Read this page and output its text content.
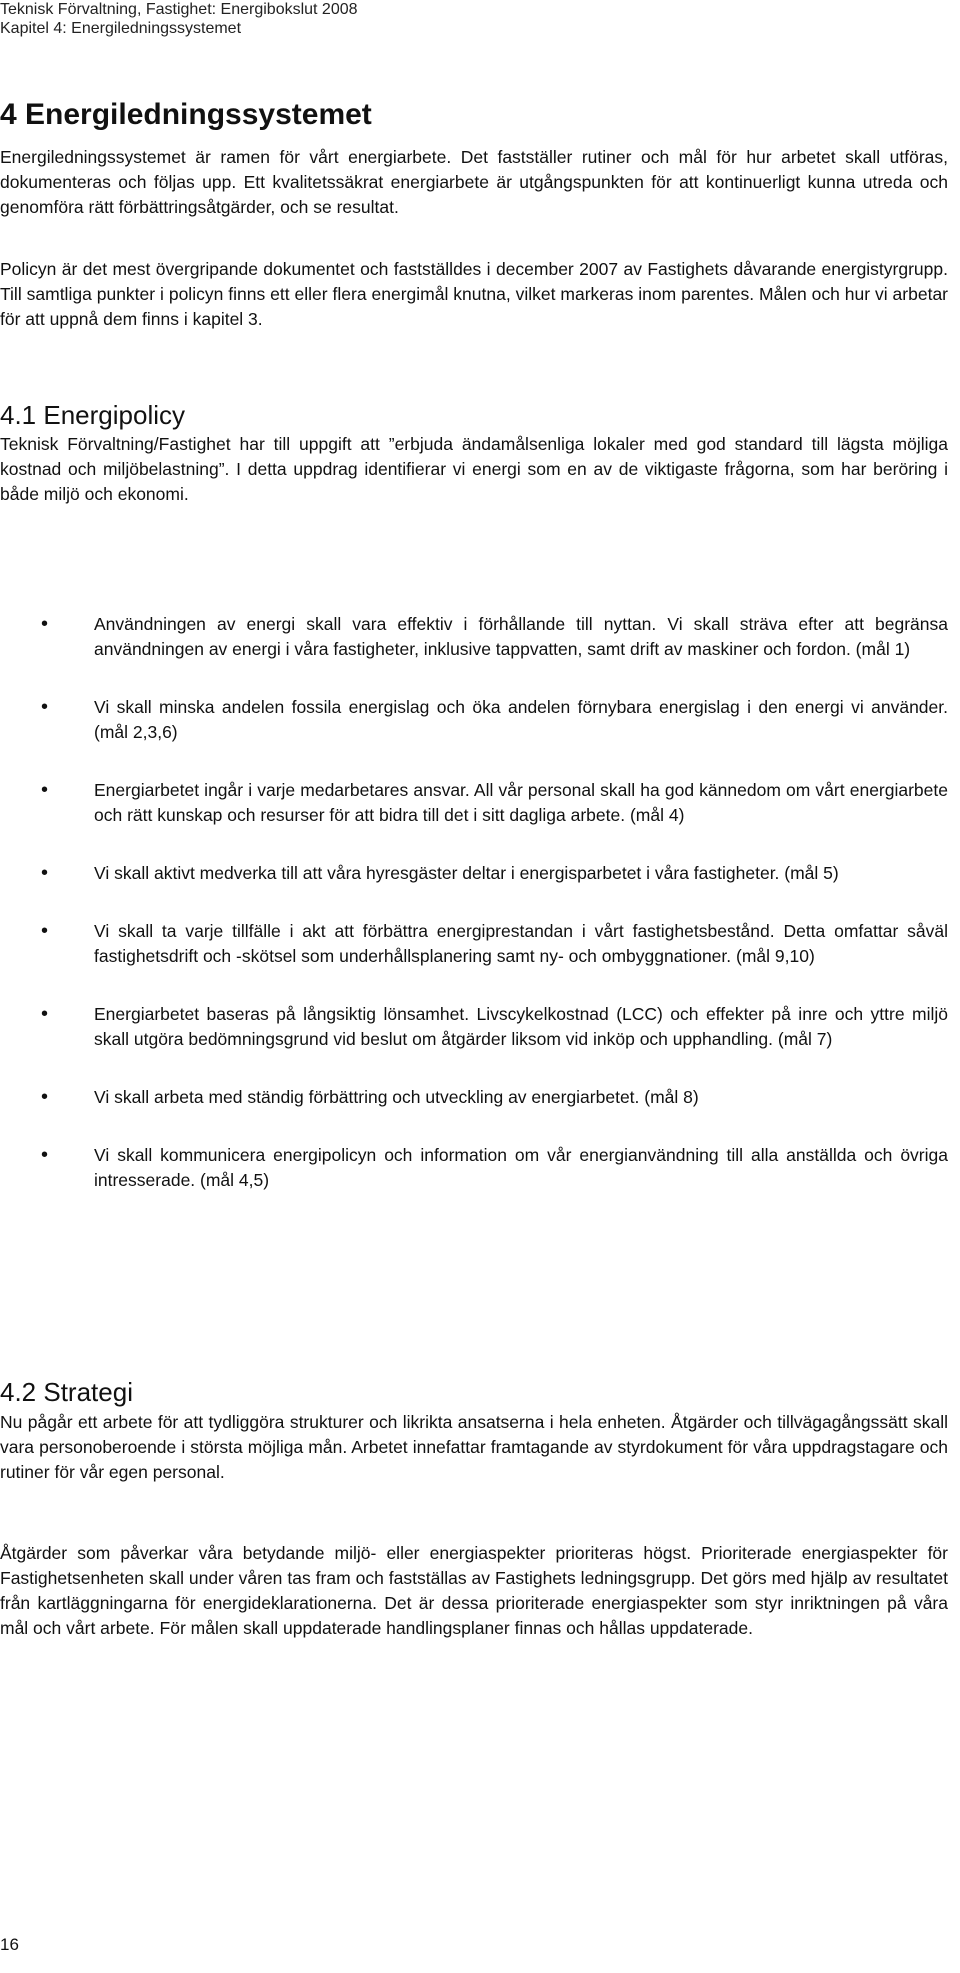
Teknisk Förvaltning, Fastighet: Energibokslut 2008
Kapitel 4: Energiledningssystemet
4 Energiledningssystemet

Energiledningssystemet är ramen för vårt energiarbete. Det fastställer rutiner och mål för hur arbetet skall utföras, dokumenteras och följas upp. Ett kvalitetssäkrat energiarbete är utgångspunkten för att kontinuerligt kunna utreda och genomföra rätt förbättringsåtgärder, och se resultat.

Policyn är det mest övergripande dokumentet och fastställdes i december 2007 av Fastighets dåvarande energistyrgrupp. Till samtliga punkter i policyn finns ett eller flera energimål knutna, vilket markeras inom parentes. Målen och hur vi arbetar för att uppnå dem finns i kapitel 3.

4.1 Energipolicy

Teknisk Förvaltning/Fastighet har till uppgift att ”erbjuda ändamålsenliga lokaler med god standard till lägsta möjliga kostnad och miljöbelastning”. I detta uppdrag identifierar vi energi som en av de viktigaste frågorna, som har beröring i både miljö och ekonomi.

•	Användningen av energi skall vara effektiv i förhållande till nyttan. Vi skall sträva efter att begränsa användningen av energi i våra fastigheter, inklusive tappvatten, samt drift av maskiner och fordon. (mål 1)
•	Vi skall minska andelen fossila energislag och öka andelen förnybara energislag i den energi vi använder. (mål 2,3,6)
•	Energiarbetet ingår i varje medarbetares ansvar. All vår personal skall ha god kännedom om vårt energiarbete och rätt kunskap och resurser för att bidra till det i sitt dagliga arbete. (mål 4)
•	Vi skall aktivt medverka till att våra hyresgäster deltar i energisparbetet i våra fastigheter. (mål 5)
•	Vi skall ta varje tillfälle i akt att förbättra energiprestandan i vårt fastighetsbestånd. Detta omfattar såväl fastighetsdrift och -skötsel som underhållsplanering samt ny- och ombyggnationer. (mål 9,10)
•	Energiarbetet baseras på långsiktig lönsamhet. Livscykelkostnad (LCC) och effekter på inre och yttre miljö skall utgöra bedömningsgrund vid beslut om åtgärder liksom vid inköp och upphandling. (mål 7)
•	Vi skall arbeta med ständig förbättring och utveckling av energiarbetet. (mål 8)
•	Vi skall kommunicera energipolicyn och information om vår energianvändning till alla anställda och övriga intresserade. (mål 4,5)
4.2 Strategi

Nu pågår ett arbete för att tydliggöra strukturer och likrikta ansatserna i hela enheten. Åtgärder och tillvägagångssätt skall vara personoberoende i största möjliga mån. Arbetet innefattar framtagande av styrdokument för våra uppdragstagare och rutiner för vår egen personal.

Åtgärder som påverkar våra betydande miljö- eller energiaspekter prioriteras högst. Prioriterade energiaspekter för Fastighetsenheten skall under våren tas fram och fastställas av Fastighets ledningsgrupp. Det görs med hjälp av resultatet från kartläggningarna för energideklarationerna. Det är dessa prioriterade energiaspekter som styr inriktningen på våra mål och vårt arbete. För målen skall uppdaterade handlingsplaner finnas och hållas uppdaterade.

16
